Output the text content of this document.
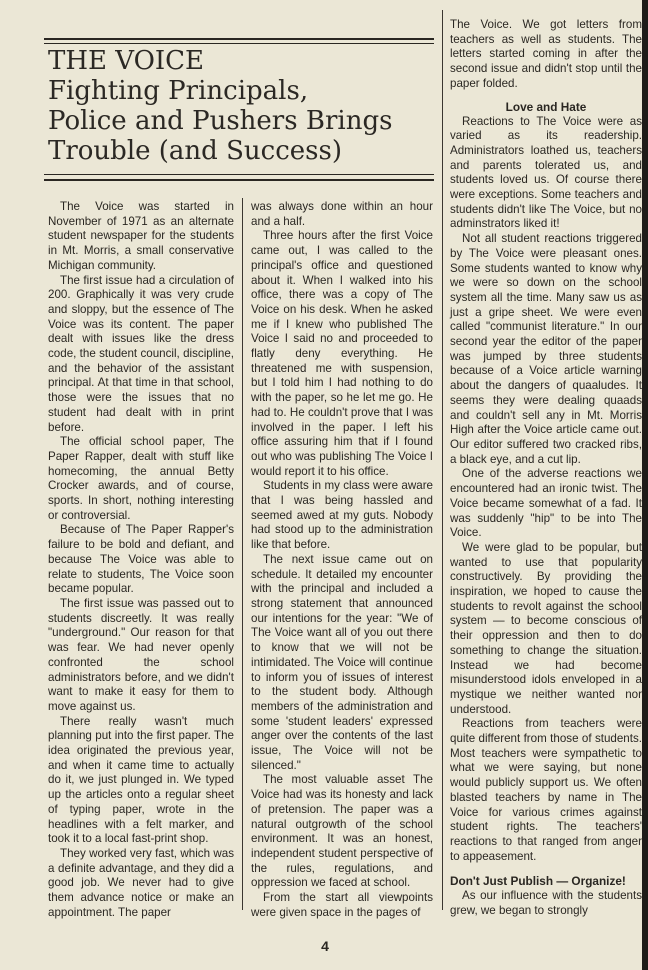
THE VOICE
Fighting Principals,
Police and Pushers Brings
Trouble (and Success)

The Voice was started in November of 1971 as an alternate student newspaper for the students in Mt. Morris, a small conservative Michigan community.

The first issue had a circulation of 200. Graphically it was very crude and sloppy, but the essence of The Voice was its content. The paper dealt with issues like the dress code, the student council, discipline, and the behavior of the assistant principal. At that time in that school, those were the issues that no student had dealt with in print before.

The official school paper, The Paper Rapper, dealt with stuff like homecoming, the annual Betty Crocker awards, and of course, sports. In short, nothing interesting or controversial.

Because of The Paper Rapper's failure to be bold and defiant, and because The Voice was able to relate to students, The Voice soon became popular.

The first issue was passed out to students discreetly. It was really "underground." Our reason for that was fear. We had never openly confronted the school administrators before, and we didn't want to make it easy for them to move against us.

There really wasn't much planning put into the first paper. The idea originated the previous year, and when it came time to actually do it, we just plunged in. We typed up the articles onto a regular sheet of typing paper, wrote in the headlines with a felt marker, and took it to a local fast-print shop.

They worked very fast, which was a definite advantage, and they did a good job. We never had to give them advance notice or make an appointment. The paper

was always done within an hour and a half.

Three hours after the first Voice came out, I was called to the principal's office and questioned about it. When I walked into his office, there was a copy of The Voice on his desk. When he asked me if I knew who published The Voice I said no and proceeded to flatly deny everything. He threatened me with suspension, but I told him I had nothing to do with the paper, so he let me go. He had to. He couldn't prove that I was involved in the paper. I left his office assuring him that if I found out who was publishing The Voice I would report it to his office.

Students in my class were aware that I was being hassled and seemed awed at my guts. Nobody had stood up to the administration like that before.

The next issue came out on schedule. It detailed my encounter with the principal and included a strong statement that announced our intentions for the year: "We of The Voice want all of you out there to know that we will not be intimidated. The Voice will continue to inform you of issues of interest to the student body. Although members of the administration and some 'student leaders' expressed anger over the contents of the last issue, The Voice will not be silenced."

The most valuable asset The Voice had was its honesty and lack of pretension. The paper was a natural outgrowth of the school environment. It was an honest, independent student perspective of the rules, regulations, and oppression we faced at school.

From the start all viewpoints were given space in the pages of

The Voice. We got letters from teachers as well as students. The letters started coming in after the second issue and didn't stop until the paper folded.

Love and Hate

Reactions to The Voice were as varied as its readership. Administrators loathed us, teachers and parents tolerated us, and students loved us. Of course there were exceptions. Some teachers and students didn't like The Voice, but no adminstrators liked it!

Not all student reactions triggered by The Voice were pleasant ones. Some students wanted to know why we were so down on the school system all the time. Many saw us as just a gripe sheet. We were even called "communist literature." In our second year the editor of the paper was jumped by three students because of a Voice article warning about the dangers of quaaludes. It seems they were dealing quaads and couldn't sell any in Mt. Morris High after the Voice article came out. Our editor suffered two cracked ribs, a black eye, and a cut lip.

One of the adverse reactions we encountered had an ironic twist. The Voice became somewhat of a fad. It was suddenly "hip" to be into The Voice.

We were glad to be popular, but wanted to use that popularity constructively. By providing the inspiration, we hoped to cause the students to revolt against the school system — to become conscious of their oppression and then to do something to change the situation. Instead we had become misunderstood idols enveloped in a mystique we neither wanted nor understood.

Reactions from teachers were quite different from those of students. Most teachers were sympathetic to what we were saying, but none would publicly support us. We often blasted teachers by name in The Voice for various crimes against student rights. The teachers' reactions to that ranged from anger to appeasement.

Don't Just Publish — Organize!

As our influence with the students grew, we began to strongly

4
